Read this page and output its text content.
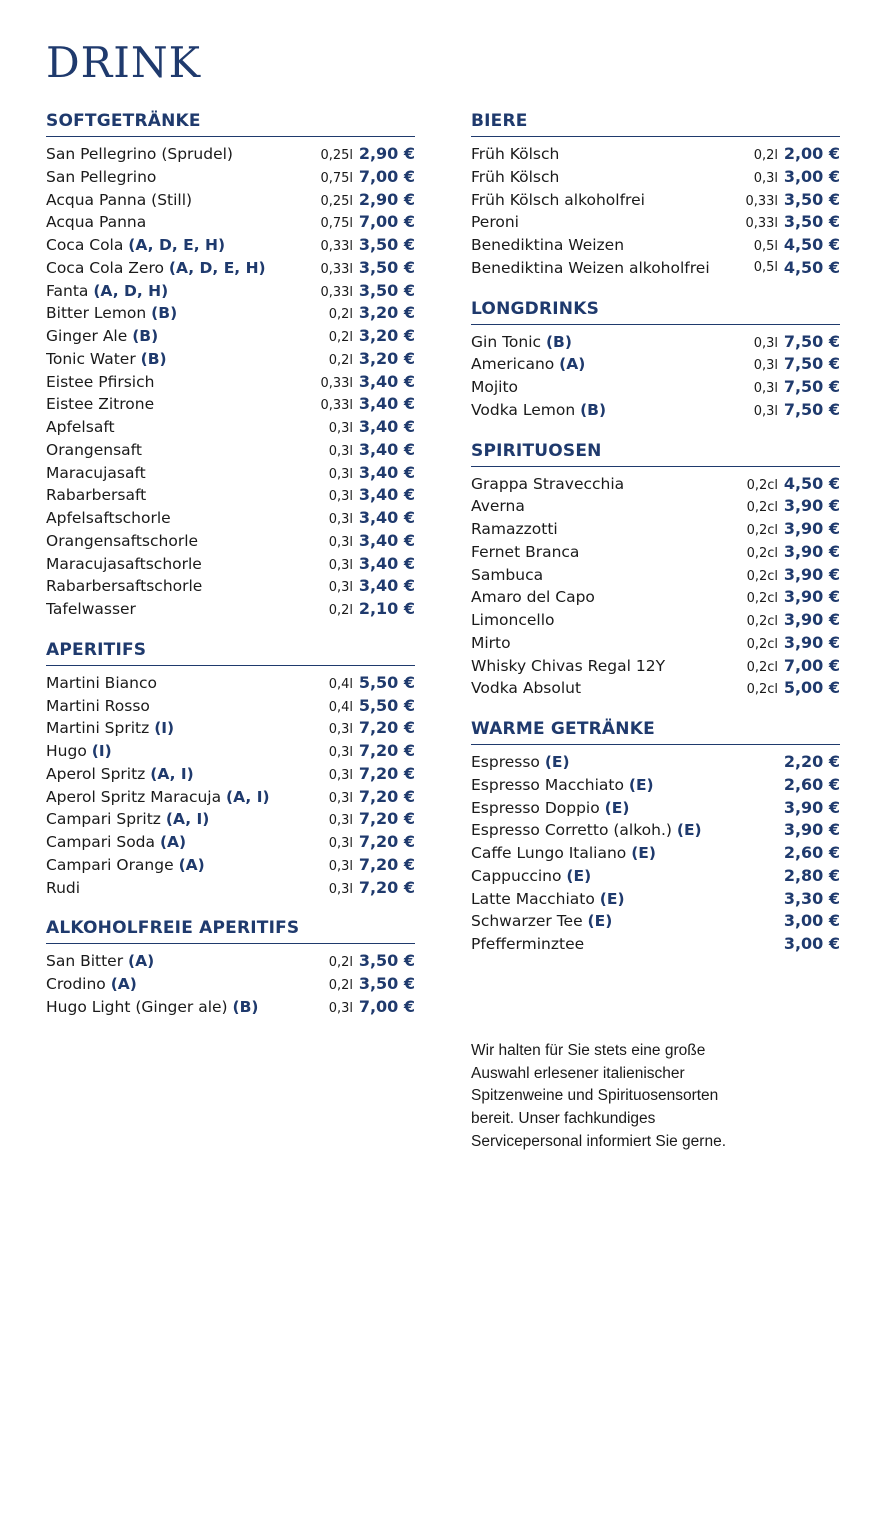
DRINK
SOFTGETRÄNKE
San Pellegrino (Sprudel)	0,25l 2,90 €
San Pellegrino	0,75l 7,00 €
Acqua Panna (Still)	0,25l 2,90 €
Acqua Panna	0,75l 7,00 €
Coca Cola (A, D, E, H)	0,33l 3,50 €
Coca Cola Zero (A, D, E, H)	0,33l 3,50 €
Fanta (A, D, H)	0,33l 3,50 €
Bitter Lemon (B)	0,2l 3,20 €
Ginger Ale (B)	0,2l 3,20 €
Tonic Water (B)	0,2l 3,20 €
Eistee Pfirsich	0,33l 3,40 €
Eistee Zitrone	0,33l 3,40 €
Apfelsaft	0,3l 3,40 €
Orangensaft	0,3l 3,40 €
Maracujasaft	0,3l 3,40 €
Rabarbersaft	0,3l 3,40 €
Apfelsaftschorle	0,3l 3,40 €
Orangensaftschorle	0,3l 3,40 €
Maracujasaftschorle	0,3l 3,40 €
Rabarbersaftschorle	0,3l 3,40 €
Tafelwasser	0,2l 2,10 €
APERITIFS
Martini Bianco	0,4l 5,50 €
Martini Rosso	0,4l 5,50 €
Martini Spritz (I)	0,3l 7,20 €
Hugo (I)	0,3l 7,20 €
Aperol Spritz (A, I)	0,3l 7,20 €
Aperol Spritz Maracuja (A, I)	0,3l 7,20 €
Campari Spritz (A, I)	0,3l 7,20 €
Campari Soda (A)	0,3l 7,20 €
Campari Orange (A)	0,3l 7,20 €
Rudi	0,3l 7,20 €
ALKOHOLFREIE APERITIFS
San Bitter (A)	0,2l 3,50 €
Crodino (A)	0,2l 3,50 €
Hugo Light (Ginger ale) (B)	0,3l 7,00 €
BIERE
Früh Kölsch	0,2l 2,00 €
Früh Kölsch	0,3l 3,00 €
Früh Kölsch alkoholfrei	0,33l 3,50 €
Peroni	0,33l 3,50 €
Benediktina Weizen	0,5l 4,50 €
Benediktina Weizen alkoholfrei	0,5l 4,50 €
LONGDRINKS
Gin Tonic (B)	0,3l 7,50 €
Americano (A)	0,3l 7,50 €
Mojito	0,3l 7,50 €
Vodka Lemon (B)	0,3l 7,50 €
SPIRITUOSEN
Grappa Stravecchia	0,2cl 4,50 €
Averna	0,2cl 3,90 €
Ramazzotti	0,2cl 3,90 €
Fernet Branca	0,2cl 3,90 €
Sambuca	0,2cl 3,90 €
Amaro del Capo	0,2cl 3,90 €
Limoncello	0,2cl 3,90 €
Mirto	0,2cl 3,90 €
Whisky Chivas Regal 12Y	0,2cl 7,00 €
Vodka Absolut	0,2cl 5,00 €
WARME GETRÄNKE
Espresso (E)	2,20 €
Espresso Macchiato (E)	2,60 €
Espresso Doppio (E)	3,90 €
Espresso Corretto (alkoh.) (E)	3,90 €
Caffe Lungo Italiano (E)	2,60 €
Cappuccino (E)	2,80 €
Latte Macchiato (E)	3,30 €
Schwarzer Tee (E)	3,00 €
Pfefferminztee	3,00 €

Wir halten für Sie stets eine große
Auswahl erlesener italienischer
Spitzenweine und Spirituosensorten
bereit. Unser fachkundiges
Servicepersonal informiert Sie gerne.
